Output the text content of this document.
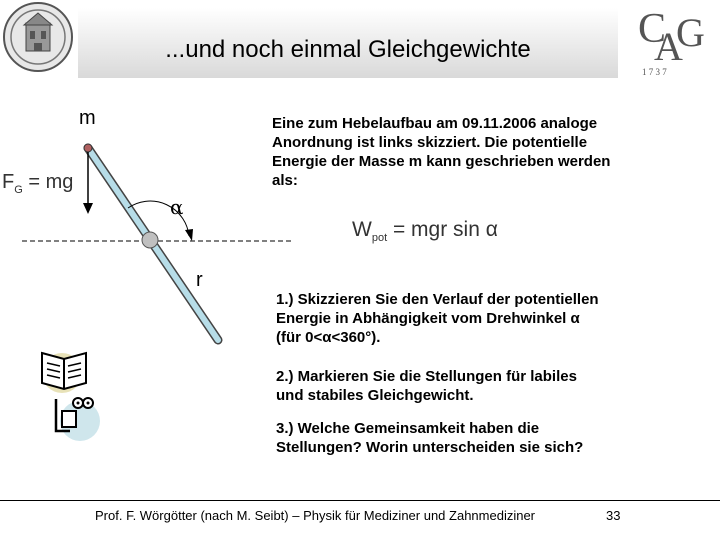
...und noch einmal Gleichgewichte	C
A
G
1 7 3 7
m
$F_G$ = mg
α
r
Eine zum Hebelaufbau am 09.11.2006 analoge Anordnung ist links skizziert. Die potentielle Energie der Masse m kann geschrieben werden als:
$W_{pot}$ = mgr sin α
1.) Skizzieren Sie den Verlauf der potentiellen Energie in Abhängigkeit vom Drehwinkel α (für 0<α<360°).
2.) Markieren Sie die Stellungen für labiles und stabiles Gleichgewicht.
3.) Welche Gemeinsamkeit haben die Stellungen? Worin unterscheiden sie sich?
Prof. F. Wörgötter (nach M. Seibt) – Physik für Mediziner und Zahnmediziner	33
